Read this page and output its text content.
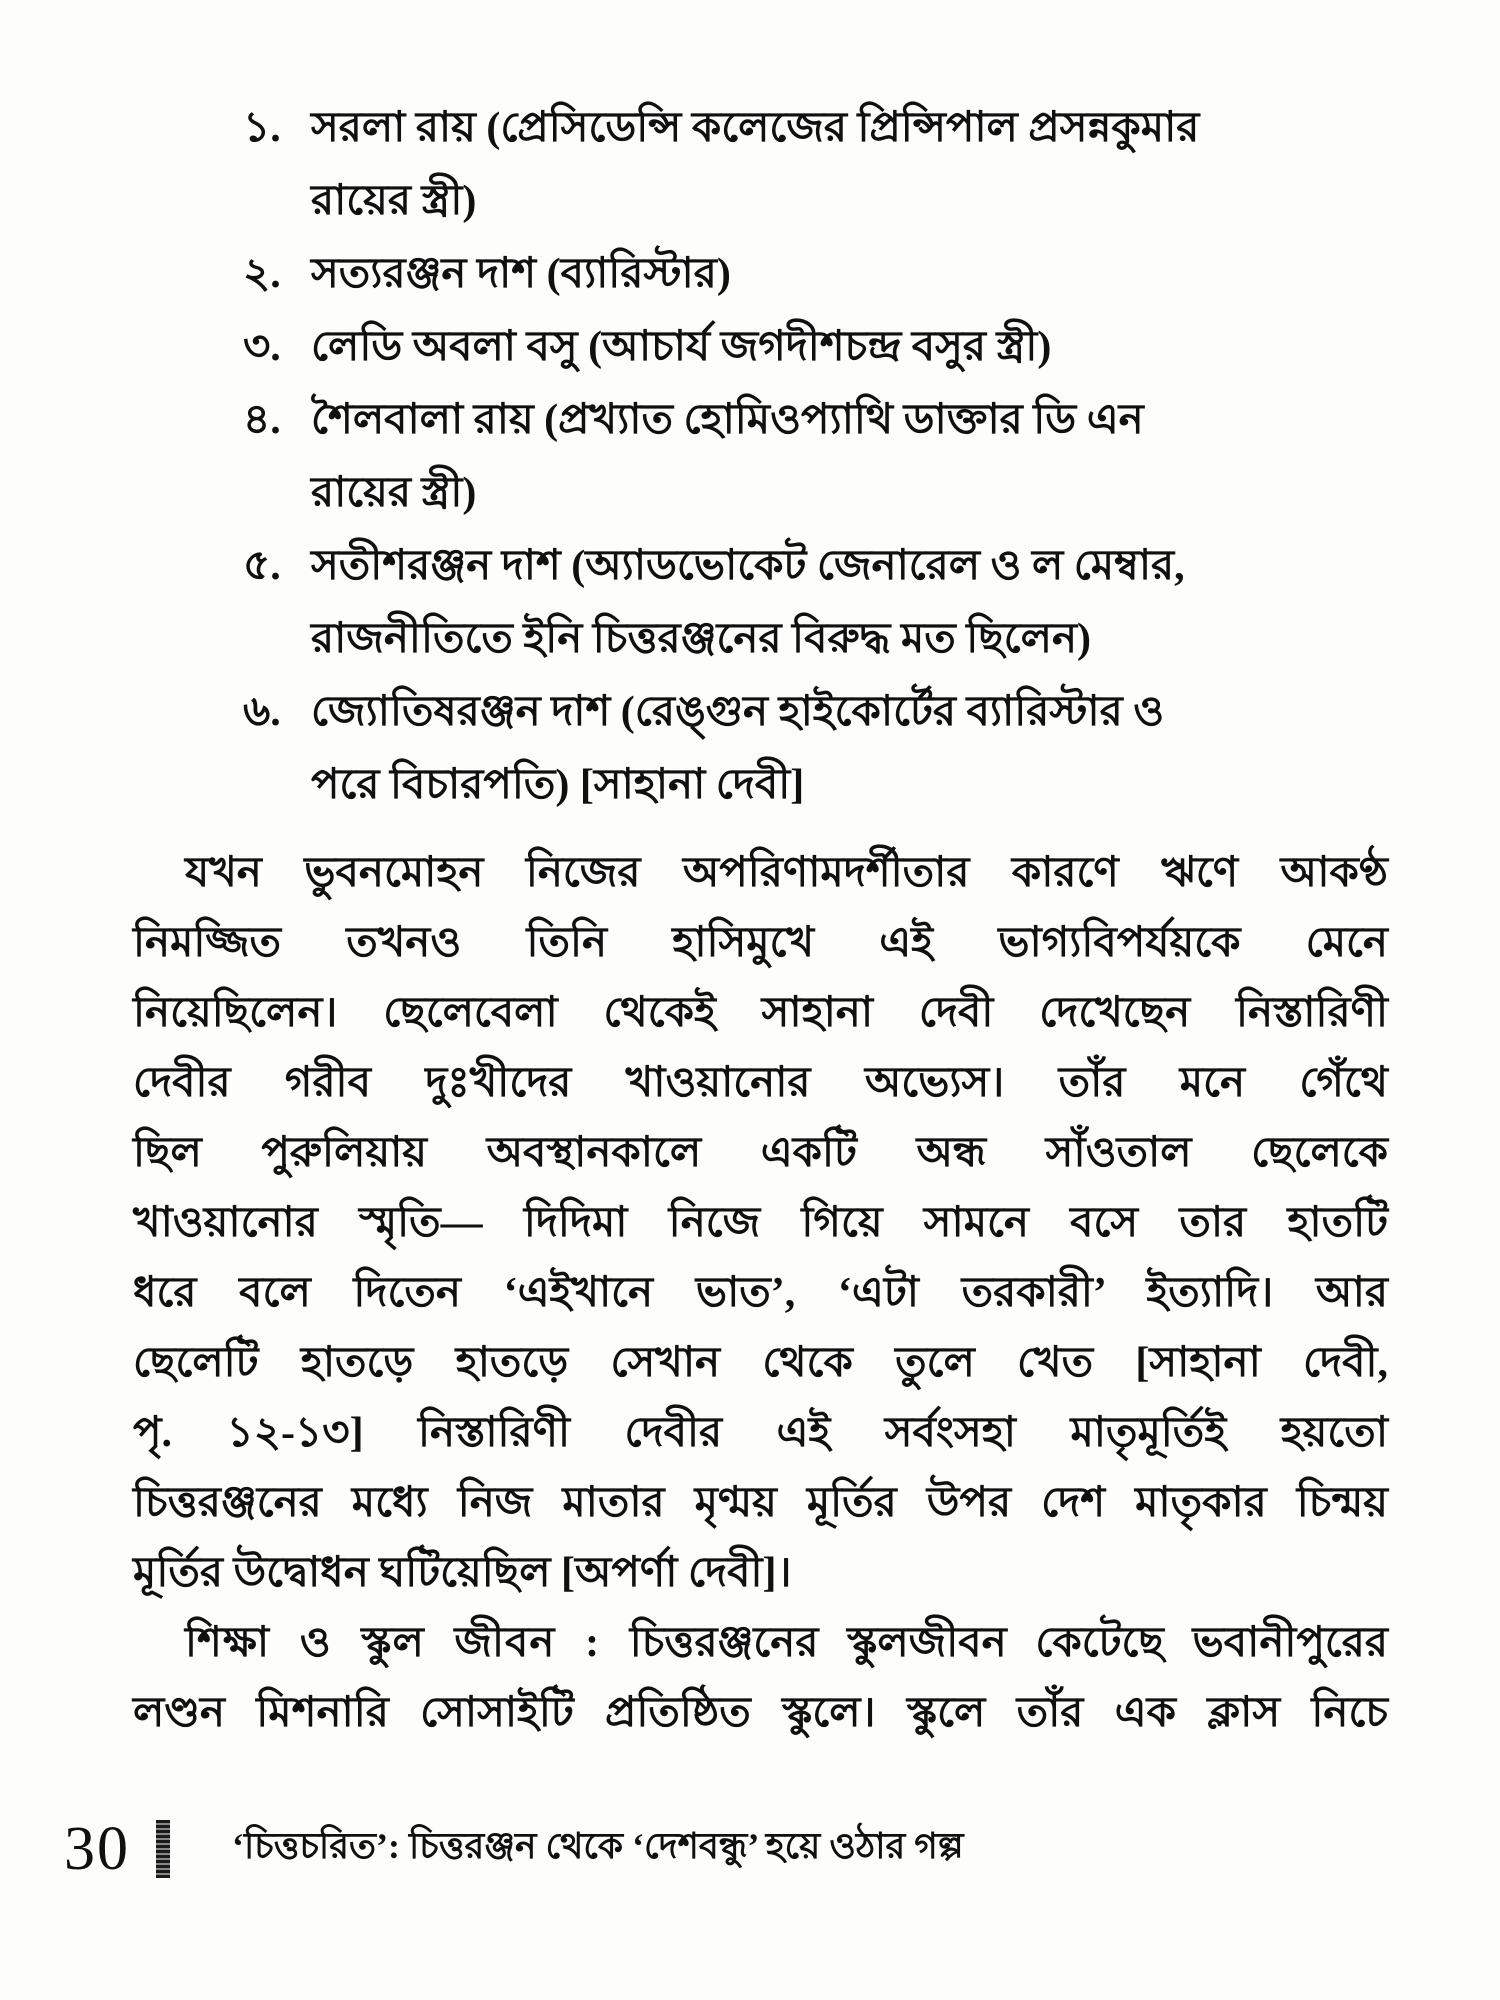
১. সরলা রায় (প্রেসিডেন্সি কলেজের প্রিন্সিপাল প্রসন্নকুমার
রায়ের স্ত্রী)
২. সত্যরঞ্জন দাশ (ব্যারিস্টার)
৩. লেডি অবলা বসু (আচার্য জগদীশচন্দ্র বসুর স্ত্রী)
৪. শৈলবালা রায় (প্রখ্যাত হোমিওপ্যাথি ডাক্তার ডি এন
রায়ের স্ত্রী)
৫. সতীশরঞ্জন দাশ (অ্যাডভোকেট জেনারেল ও ল মেম্বার,
রাজনীতিতে ইনি চিত্তরঞ্জনের বিরুদ্ধ মত ছিলেন)
৬. জ্যোতিষরঞ্জন দাশ (রেঙ্গুন হাইকোর্টের ব্যারিস্টার ও
পরে বিচারপতি) [সাহানা দেবী]
যখন ভুবনমোহন নিজের অপরিণামদর্শীতার কারণে ঋণে আকণ্ঠ
নিমজ্জিত তখনও তিনি হাসিমুখে এই ভাগ্যবিপর্যয়কে মেনে
নিয়েছিলেন। ছেলেবেলা থেকেই সাহানা দেবী দেখেছেন নিস্তারিণী
দেবীর গরীব দুঃখীদের খাওয়ানোর অভ্যেস। তাঁর মনে গেঁথে
ছিল পুরুলিয়ায় অবস্থানকালে একটি অন্ধ সাঁওতাল ছেলেকে
খাওয়ানোর স্মৃতি— দিদিমা নিজে গিয়ে সামনে বসে তার হাতটি
ধরে বলে দিতেন ‘এইখানে ভাত’, ‘এটা তরকারী’ ইত্যাদি। আর
ছেলেটি হাতড়ে হাতড়ে সেখান থেকে তুলে খেত [সাহানা দেবী,
পৃ. ১২-১৩] নিস্তারিণী দেবীর এই সর্বংসহা মাতৃমূর্তিই হয়তো
চিত্তরঞ্জনের মধ্যে নিজ মাতার মৃণ্ময় মূর্তির উপর দেশ মাতৃকার চিন্ময়
মূর্তির উদ্বোধন ঘটিয়েছিল [অপর্ণা দেবী]।
শিক্ষা ও স্কুল জীবন : চিত্তরঞ্জনের স্কুলজীবন কেটেছে ভবানীপুরের
লণ্ডন মিশনারি সোসাইটি প্রতিষ্ঠিত স্কুলে। স্কুলে তাঁর এক ক্লাস নিচে
30	‘চিত্তচরিত’: চিত্তরঞ্জন থেকে ‘দেশবন্ধু’ হয়ে ওঠার গল্প
